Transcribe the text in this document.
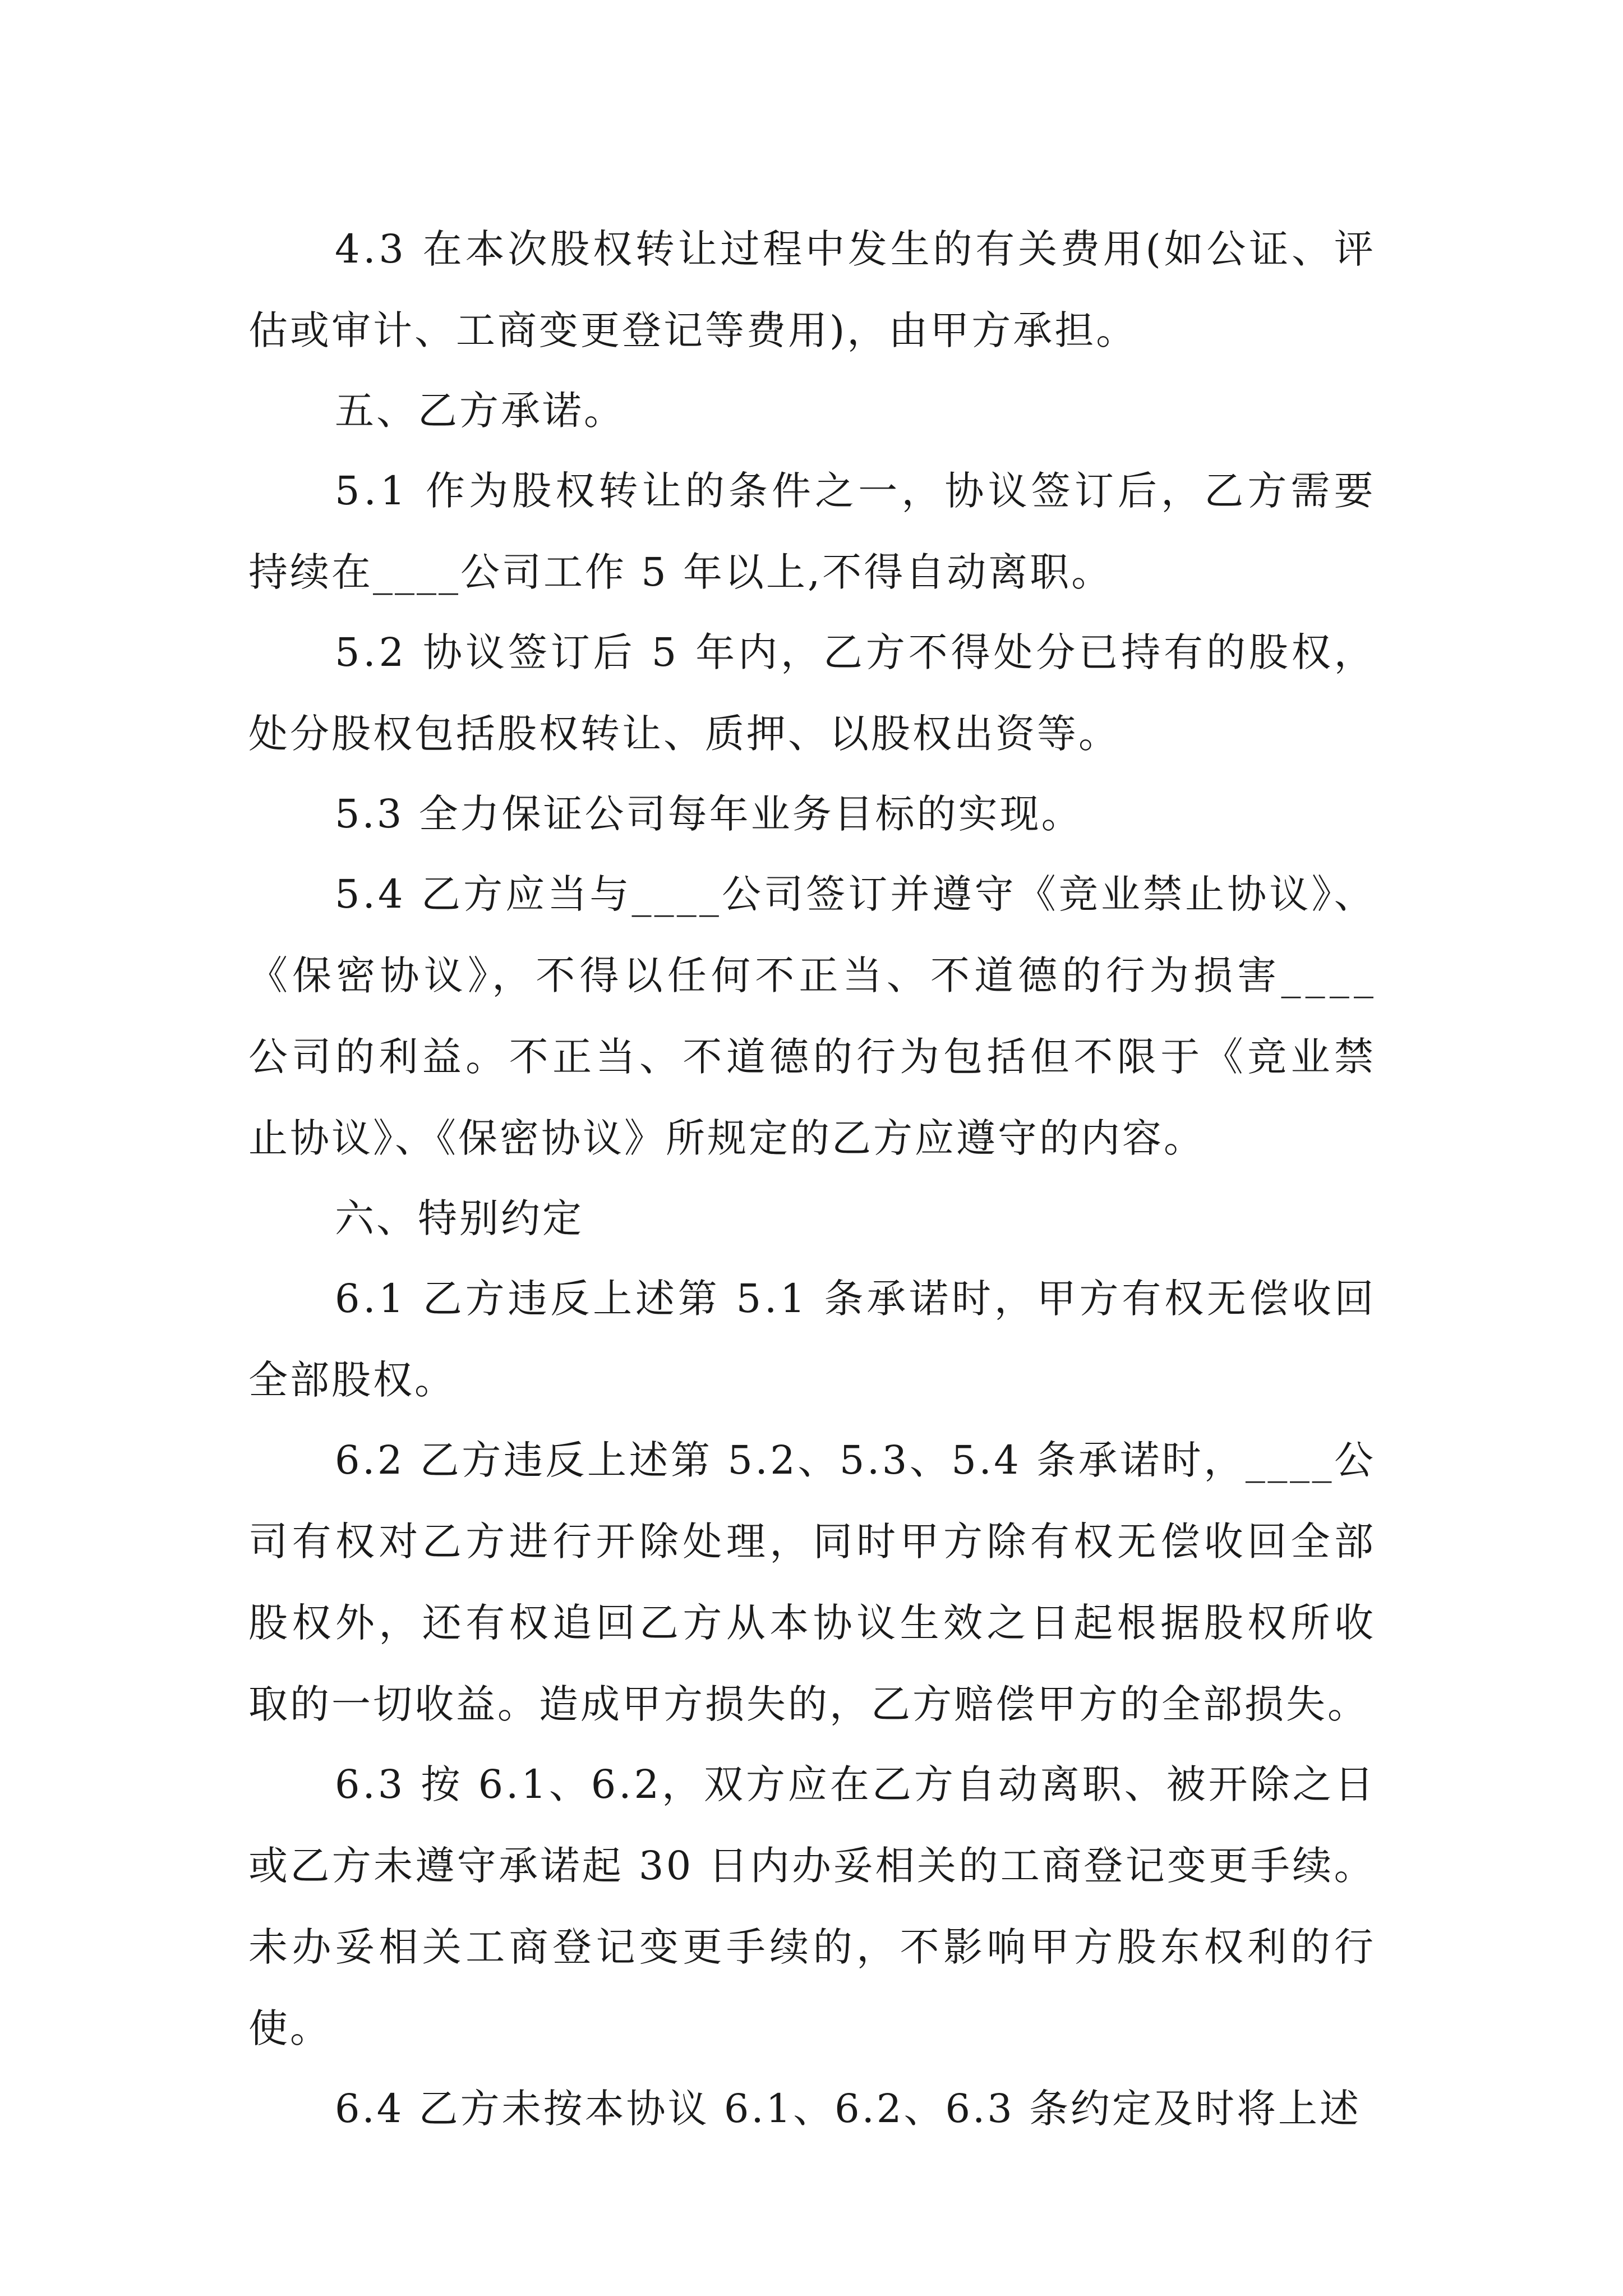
4.3 在本次股权转让过程中发生的有关费用(如公证、评
估或审计、工商变更登记等费用)，由甲方承担。
五、乙方承诺。
5.1 作为股权转让的条件之一，协议签订后，乙方需要
持续在____公司工作 5 年以上,不得自动离职。
5.2 协议签订后 5 年内，乙方不得处分已持有的股权，
处分股权包括股权转让、质押、以股权出资等。
5.3 全力保证公司每年业务目标的实现。
5.4 乙方应当与____公司签订并遵守《竞业禁止协议》、
《保密协议》，不得以任何不正当、不道德的行为损害____
公司的利益。不正当、不道德的行为包括但不限于《竞业禁
止协议》、《保密协议》所规定的乙方应遵守的内容。
六、特别约定
6.1 乙方违反上述第 5.1 条承诺时，甲方有权无偿收回
全部股权。
6.2 乙方违反上述第 5.2、5.3、5.4 条承诺时，____公
司有权对乙方进行开除处理，同时甲方除有权无偿收回全部
股权外，还有权追回乙方从本协议生效之日起根据股权所收
取的一切收益。造成甲方损失的，乙方赔偿甲方的全部损失。
6.3 按 6.1、6.2，双方应在乙方自动离职、被开除之日
或乙方未遵守承诺起 30 日内办妥相关的工商登记变更手续。
未办妥相关工商登记变更手续的，不影响甲方股东权利的行
使。
6.4 乙方未按本协议 6.1、6.2、6.3 条约定及时将上述
